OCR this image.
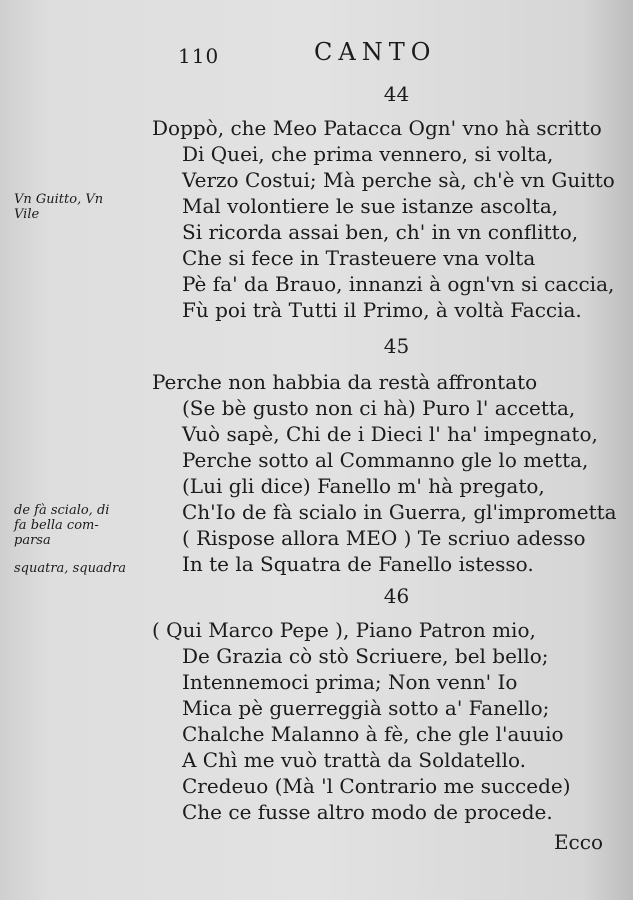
110	CANTO
44
Doppò, che Meo Patacca Ogn' vno hà scritto
Di Quei, che prima vennero, si volta,
Verzo Costui; Mà perche sà, ch'è vn Guitto
Mal volontiere le sue istanze ascolta,
Si ricorda assai ben, ch' in vn conflitto,
Che si fece in Trasteuere vna volta
Pè fa' da Brauo, innanzi à ogn'vn si caccia,
Fù poi trà Tutti il Primo, à voltà Faccia.
45
Perche non habbia da restà affrontato
(Se bè gusto non ci hà) Puro l' accetta,
Vuò sapè, Chi de i Dieci l' ha' impegnato,
Perche sotto al Commanno gle lo metta,
(Lui gli dice) Fanello m' hà pregato,
Ch'Io de fà scialo in Guerra, gl'imprometta
( Rispose allora MEO ) Te scriuo adesso
In te la Squatra de Fanello istesso.
46
( Qui Marco Pepe ), Piano Patron mio,
De Grazia cò stò Scriuere, bel bello;
Intennemoci prima; Non venn' Io
Mica pè guerreggià sotto a' Fanello;
Chalche Malanno à fè, che gle l'auuio
A Chì me vuò trattà da Soldatello.
Credeuo (Mà 'l Contrario me succede)
Che ce fusse altro modo de procede.
Vn Guitto, Vn
Vile
de fà scialo, di
fa bella com-
parsa
squatra, squadra
Ecco
